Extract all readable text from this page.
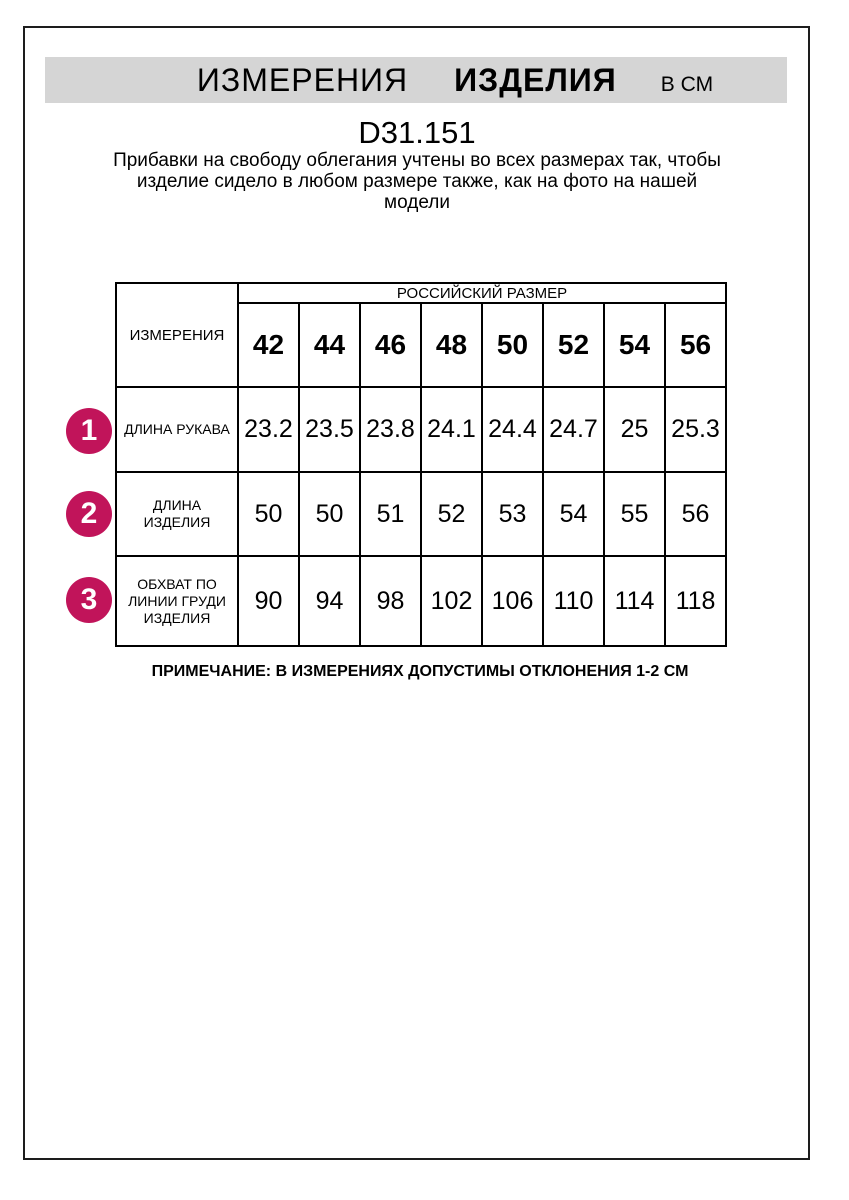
ИЗМЕРЕНИЯ ИЗДЕЛИЯ В СМ
D31.151
Прибавки на свободу облегания учтены во всех размерах так, чтобы
изделие сидело в любом размере также, как на фото на нашей
модели
ИЗМЕРЕНИЯ	РОССИЙСКИЙ РАЗМЕР							
	42	44	46	48	50	52	54	56
ДЛИНА РУКАВА	23.2	23.5	23.8	24.1	24.4	24.7	25	25.3
ДЛИНА ИЗДЕЛИЯ	50	50	51	52	53	54	55	56
ОБХВАТ ПО ЛИНИИ ГРУДИ ИЗДЕЛИЯ	90	94	98	102	106	110	114	118
1
2
3
ПРИМЕЧАНИЕ: В ИЗМЕРЕНИЯХ ДОПУСТИМЫ ОТКЛОНЕНИЯ 1-2 СМ
